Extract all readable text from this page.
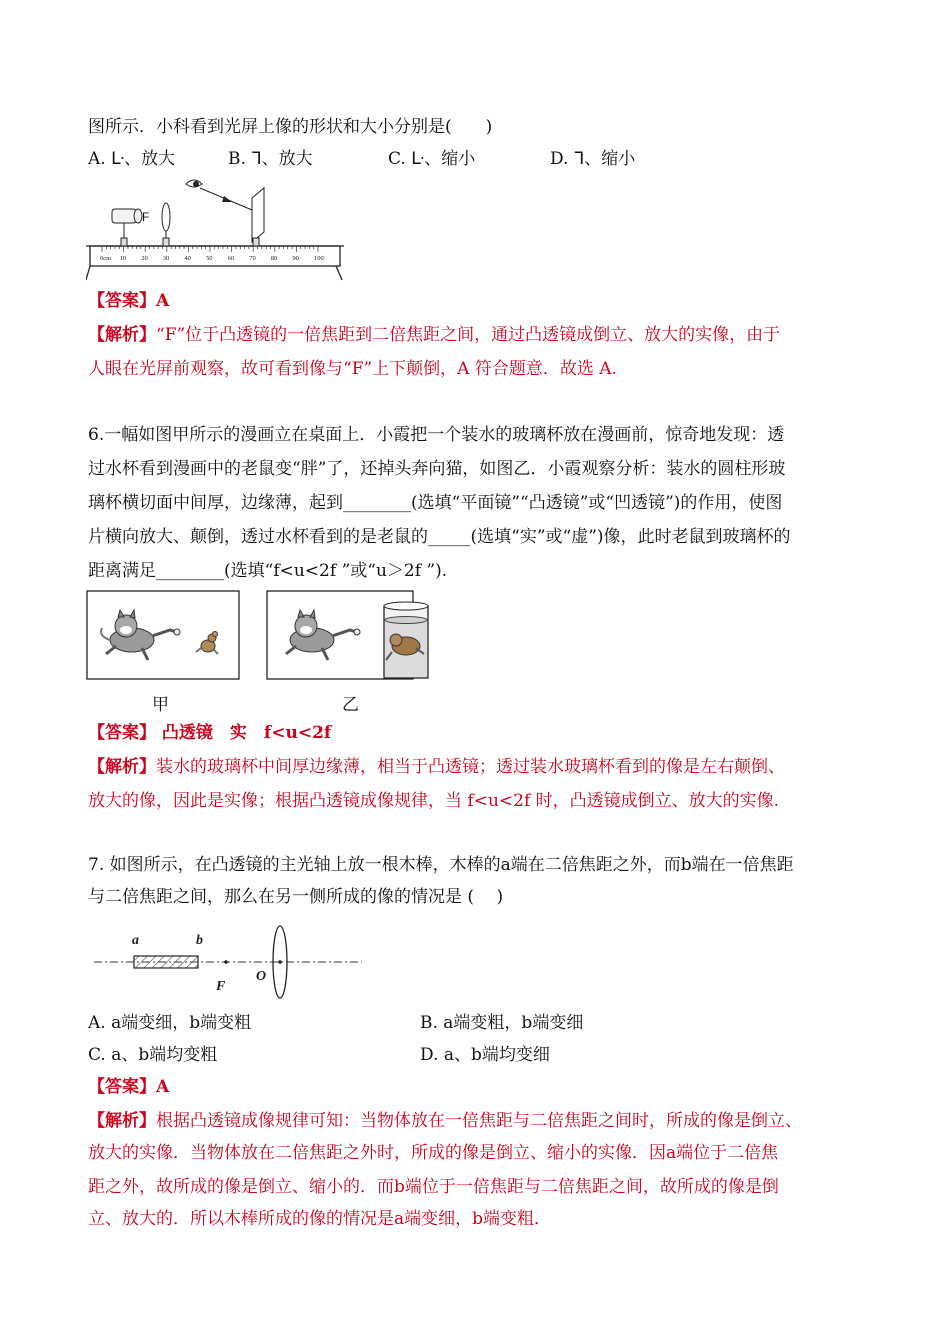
图所示．小科看到光屏上像的形状和大小分别是(　　)
A. ᒷ、放大	B. ᒣ、放大	C. ᒷ、缩小	D. ᒣ、缩小
0cm 10 20 30 40 50 60 70 80 90 100
F
【答案】A
【解析】“F”位于凸透镜的一倍焦距到二倍焦距之间，通过凸透镜成倒立、放大的实像，由于
人眼在光屏前观察，故可看到像与“F”上下颠倒，A 符合题意．故选 A.
6.一幅如图甲所示的漫画立在桌面上．小霞把一个装水的玻璃杯放在漫画前，惊奇地发现：透
过水杯看到漫画中的老鼠变“胖”了，还掉头奔向猫，如图乙．小霞观察分析：装水的圆柱形玻
璃杯横切面中间厚，边缘薄，起到________(选填“平面镜”“凸透镜”或“凹透镜”)的作用，使图
片横向放大、颠倒，透过水杯看到的是老鼠的_____(选填“实”或“虚”)像，此时老鼠到玻璃杯的
距离满足________(选填“f<u<2f ”或“u＞2f ”).
甲	乙
【答案】 凸透镜　实　f<u<2f
【解析】装水的玻璃杯中间厚边缘薄，相当于凸透镜；透过装水玻璃杯看到的像是左右颠倒、
放大的像，因此是实像；根据凸透镜成像规律，当 f<u<2f 时，凸透镜成倒立、放大的实像.
7. 如图所示，在凸透镜的主光轴上放一根木棒，木棒的a端在二倍焦距之外，而b端在一倍焦距
与二倍焦距之间，那么在另一侧所成的像的情况是 (　 )
a	b
F
O
A. a端变细，b端变粗	B. a端变粗，b端变细
C. a、b端均变粗	D. a、b端均变细
【答案】A
【解析】根据凸透镜成像规律可知：当物体放在一倍焦距与二倍焦距之间时，所成的像是倒立、
放大的实像．当物体放在二倍焦距之外时，所成的像是倒立、缩小的实像．因a端位于二倍焦
距之外，故所成的像是倒立、缩小的．而b端位于一倍焦距与二倍焦距之间，故所成的像是倒
立、放大的．所以木棒所成的像的情况是a端变细，b端变粗．
